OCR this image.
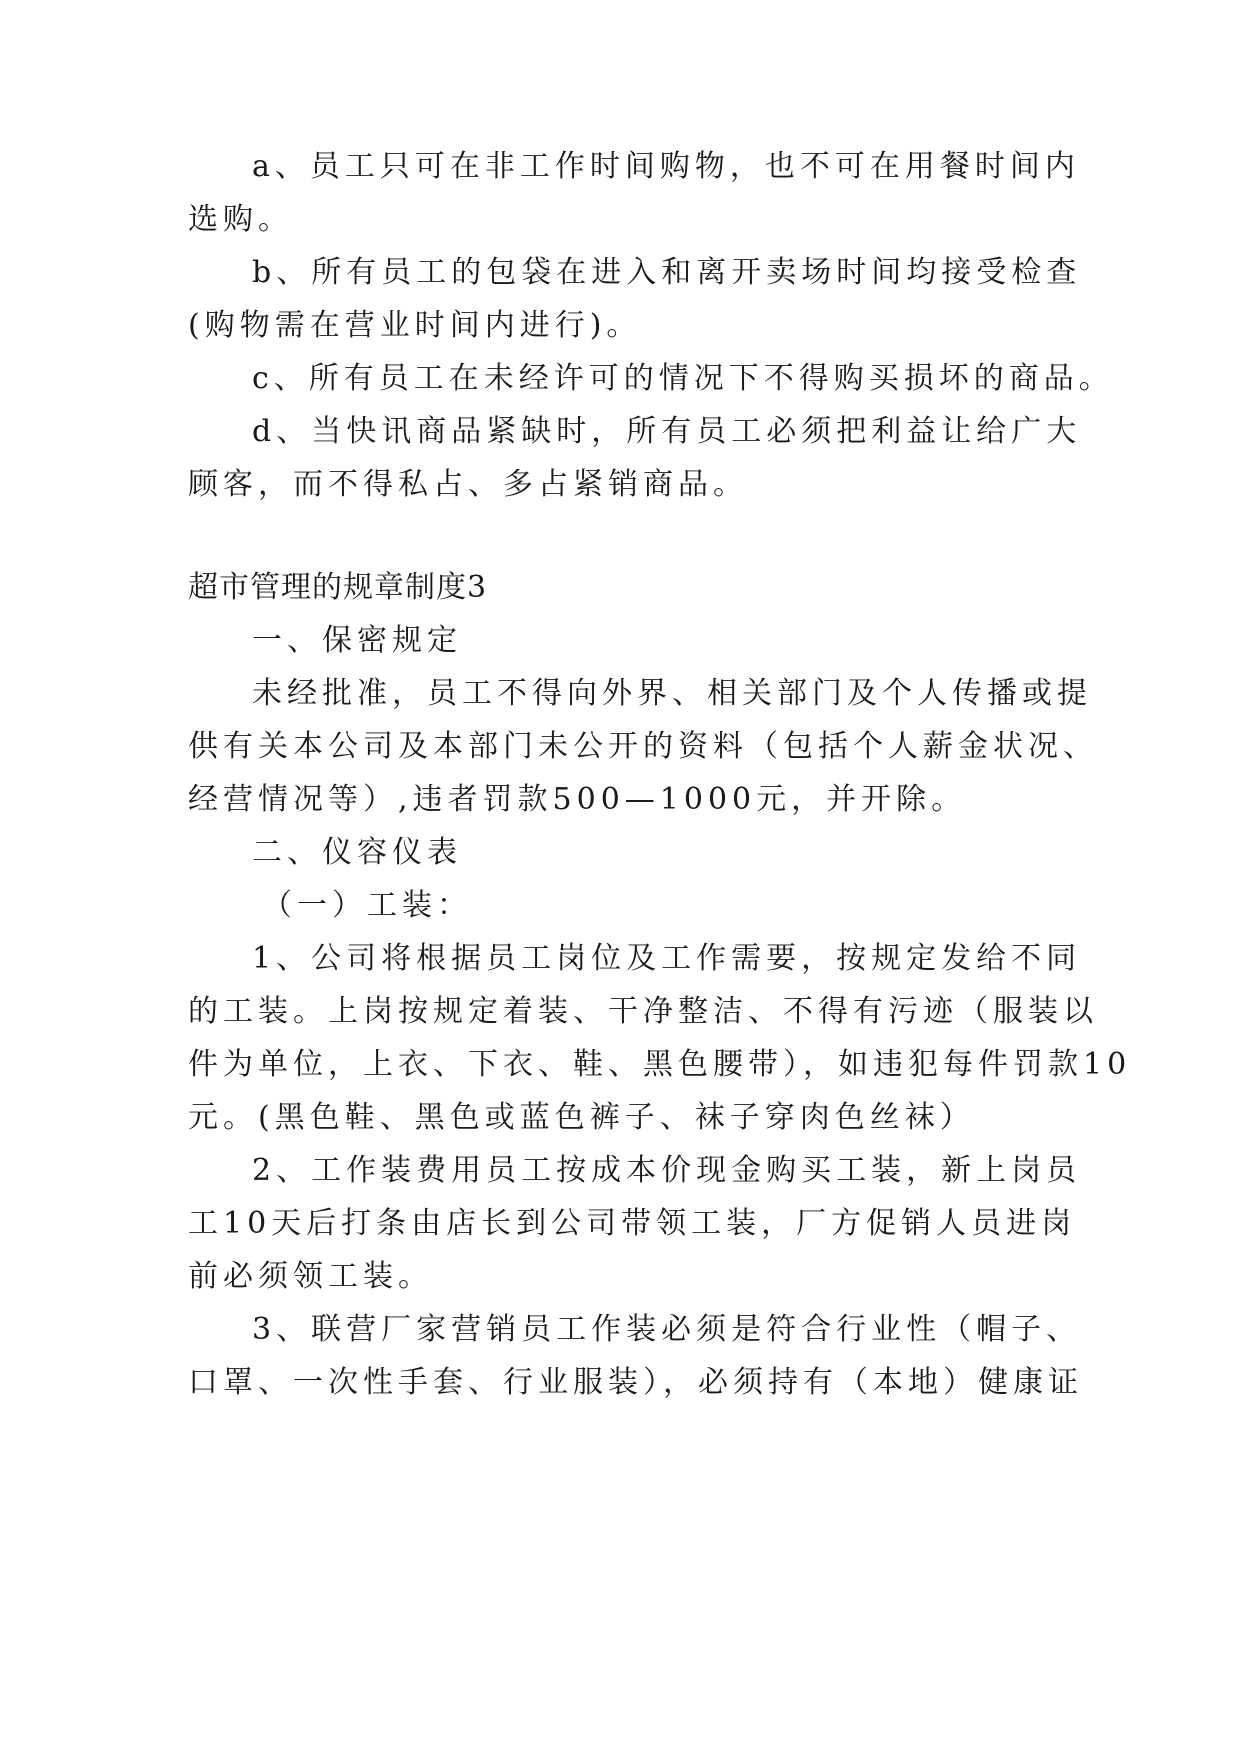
a、员工只可在非工作时间购物，也不可在用餐时间内
选购。
b、所有员工的包袋在进入和离开卖场时间均接受检查
(购物需在营业时间内进行)。
c、所有员工在未经许可的情况下不得购买损坏的商品。
d、当快讯商品紧缺时，所有员工必须把利益让给广大
顾客，而不得私占、多占紧销商品。
超市管理的规章制度3
一、保密规定
未经批准，员工不得向外界、相关部门及个人传播或提
供有关本公司及本部门未公开的资料（包括个人薪金状况、
经营情况等）,违者罚款500—1000元，并开除。
二、仪容仪表
（一）工装：
1、公司将根据员工岗位及工作需要，按规定发给不同
的工装。上岗按规定着装、干净整洁、不得有污迹（服装以
件为单位，上衣、下衣、鞋、黑色腰带），如违犯每件罚款10
元。(黑色鞋、黑色或蓝色裤子、袜子穿肉色丝袜）
2、工作装费用员工按成本价现金购买工装，新上岗员
工10天后打条由店长到公司带领工装，厂方促销人员进岗
前必须领工装。
3、联营厂家营销员工作装必须是符合行业性（帽子、
口罩、一次性手套、行业服装），必须持有（本地）健康证
